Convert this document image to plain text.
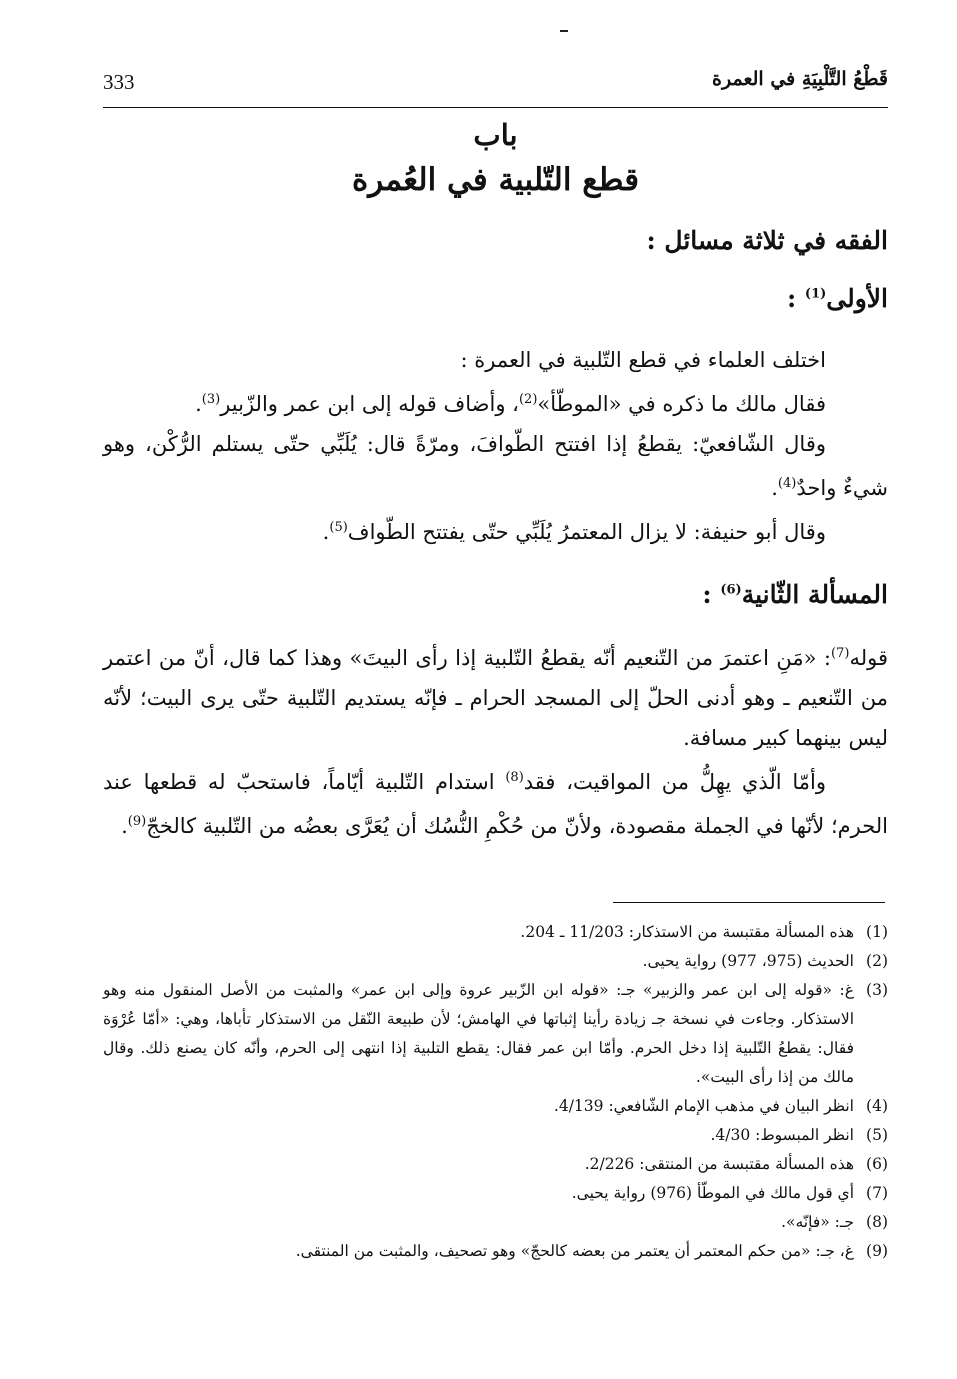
333	قَطْعُ التَّلْبِيَةِ في العمرة
باب
قطع التّلبية في العُمرة
الفقه في ثلاثة مسائل :
الأولى$^{(1)}$ :

اختلف العلماء في قطع التّلبية في العمرة :

فقال مالك ما ذكره في «الموطّأ»$^{(2)}$، وأضاف قوله إلى ابن عمر والزّبير$^{(3)}$.

وقال الشّافعيّ: يقطعُ إذا افتتح الطّوافَ، ومرّةً قال: يُلَبِّي حتّى يستلم الرُّكْن، وهو شيءٌ واحدٌ$^{(4)}$.

وقال أبو حنيفة: لا يزال المعتمرُ يُلَبِّي حتّى يفتتح الطّواف$^{(5)}$.

المسألة الثّانية$^{(6)}$ :

قوله$^{(7)}$: «مَنِ اعتمرَ من التّنعيم أنّه يقطعُ التّلبية إذا رأى البيتَ» وهذا كما قال، أنّ من اعتمر من التّنعيم ـ وهو أدنى الحلّ إلى المسجد الحرام ـ فإنّه يستديم التّلبية حتّى يرى البيت؛ لأنّه ليس بينهما كبير مسافة.

وأمّا الّذي يهِلُّ من المواقيت، فقد$^{(8)}$ استدام التّلبية أيّاماً، فاستحبّ له قطعها عند الحرم؛ لأنّها في الجملة مقصودة، ولأنّ من حُكْمِ النُّسُك أن يُعَرَّى بعضُه من التّلبية كالخجّ$^{(9)}$.

(1)
هذه المسألة مقتبسة من الاستذكار: 11/203 ـ 204.
(2)
الحديث (975، 977) رواية يحيى.
(3)
غ: «قوله إلى ابن عمر والزبير» جـ: «قوله ابن الزّبير عروة وإلى ابن عمر» والمثبت من الأصل المنقول منه وهو الاستذكار. وجاءت في نسخة جـ زيادة رأينا إثباتها في الهامش؛ لأن طبيعة النّقل من الاستذكار تأباها، وهي: «أمّا عُرْوَة فقال: يقطعُ التّلبية إذا دخل الحرم. وأمّا ابن عمر فقال: يقطع التلبية إذا انتهى إلى الحرم، وأنّه كان يصنع ذلك. وقال مالك من إذا رأى البيت».
(4)
انظر البيان في مذهب الإمام الشّافعي: 4/139.
(5)
انظر المبسوط: 4/30.
(6)
هذه المسألة مقتبسة من المنتقى: 2/226.
(7)
أي قول مالك في الموطّأ (976) رواية يحيى.
(8)
جـ: «فإنّه».
(9)
غ، جـ: «من حكم المعتمر أن يعتمر من بعضه كالحجّ» وهو تصحيف، والمثبت من المنتقى.
